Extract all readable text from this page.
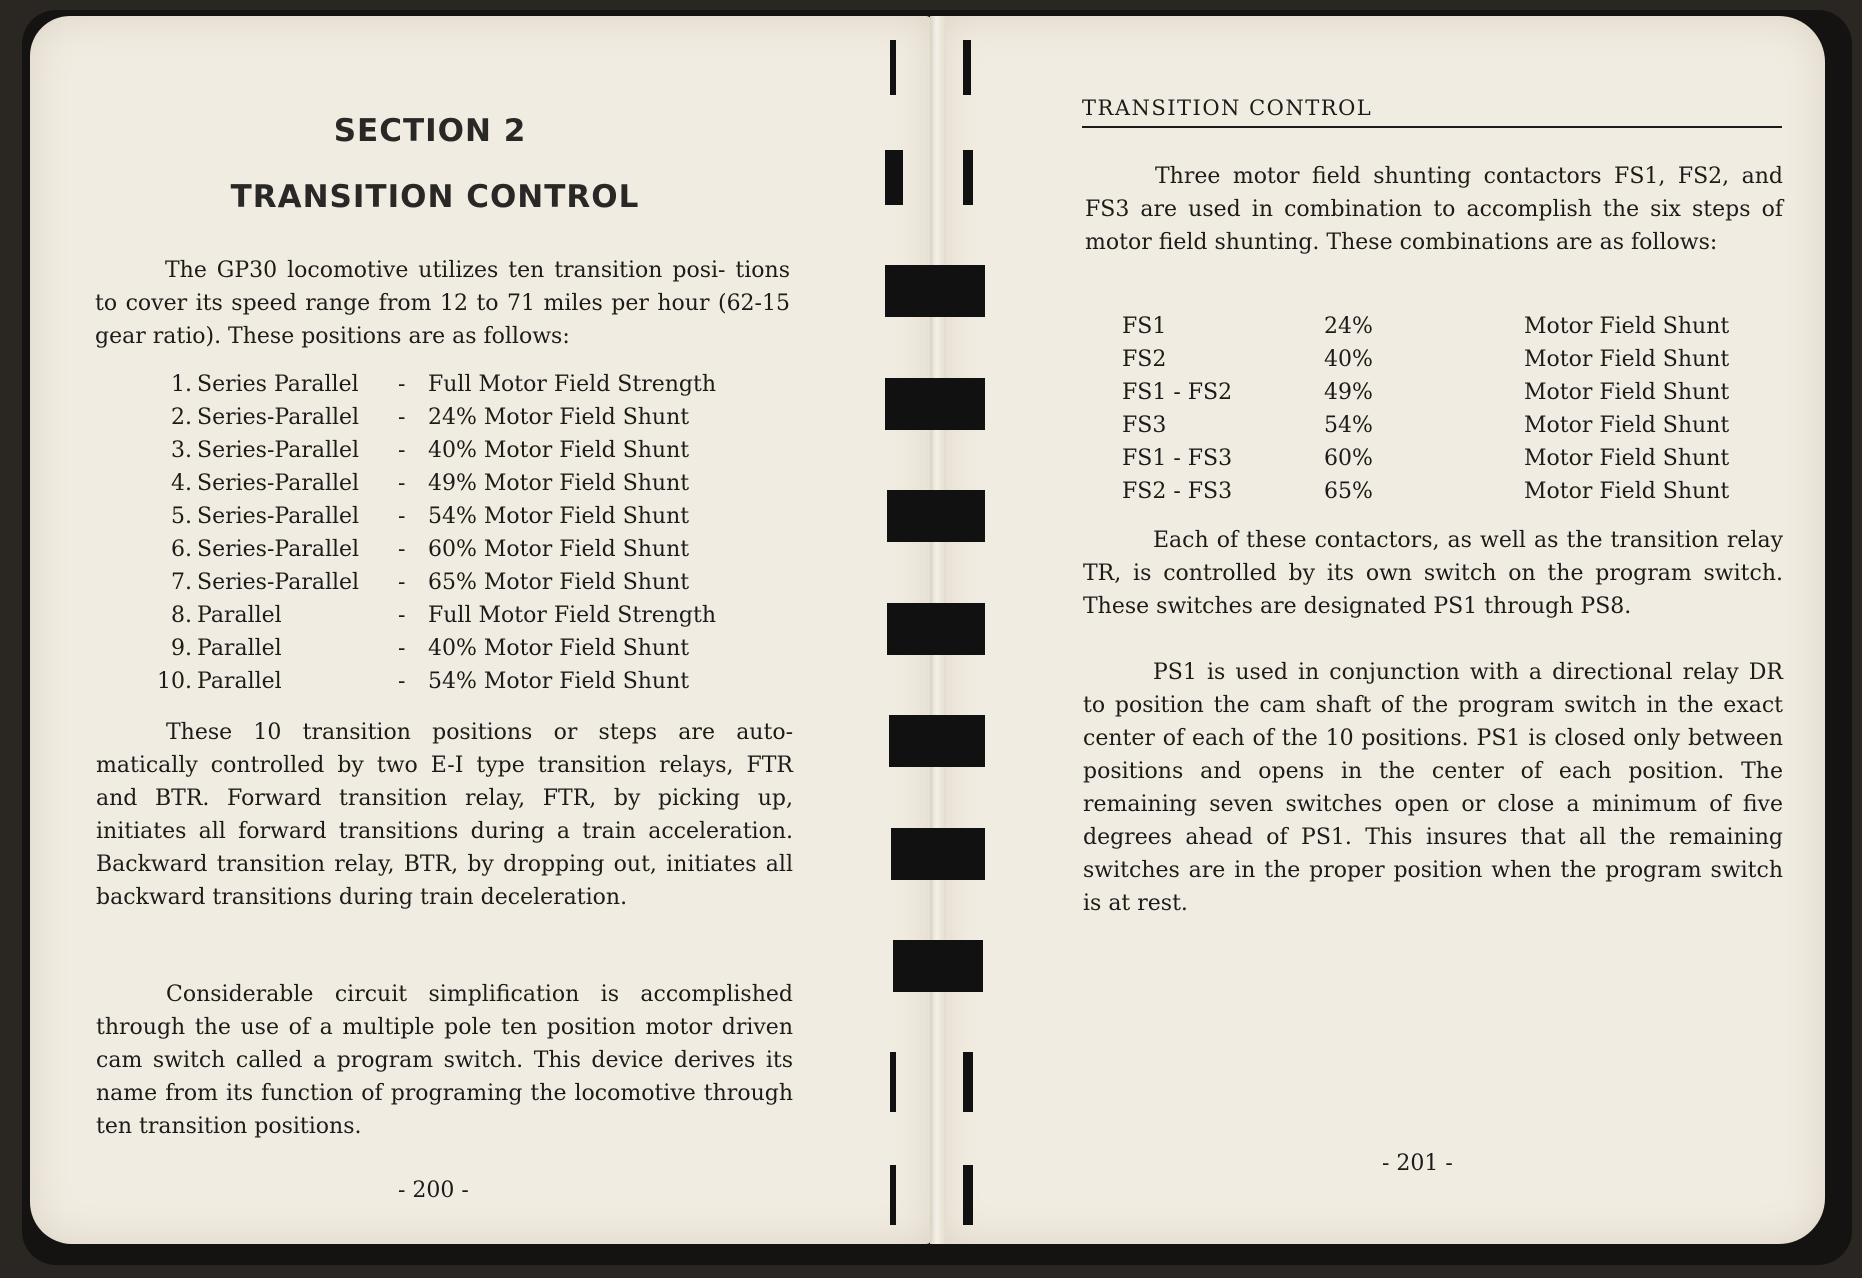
SECTION 2
TRANSITION CONTROL

The GP30 locomotive utilizes ten transition posi- tions to cover its speed range from 12 to 71 miles per hour (62-15 gear ratio). These positions are as follows:

1. Series Parallel - Full Motor Field Strength
2. Series-Parallel - 24% Motor Field Shunt
3. Series-Parallel - 40% Motor Field Shunt
4. Series-Parallel - 49% Motor Field Shunt
5. Series-Parallel - 54% Motor Field Shunt
6. Series-Parallel - 60% Motor Field Shunt
7. Series-Parallel - 65% Motor Field Shunt
8. Parallel	- Full Motor Field Strength
9. Parallel	- 40% Motor Field Shunt
10. Parallel	- 54% Motor Field Shunt

These 10 transition positions or steps are auto- matically controlled by two E-I type transition relays, FTR and BTR. Forward transition relay, FTR, by picking up, initiates all forward transitions during a train acceleration. Backward transition relay, BTR, by dropping out, initiates all backward transitions during train deceleration.

Considerable circuit simplification is accomplished through the use of a multiple pole ten position motor driven cam switch called a program switch. This device derives its name from its function of programing the locomotive through ten transition positions.

- 200 -
TRANSITION CONTROL

Three motor field shunting contactors FS1, FS2, and FS3 are used in combination to accomplish the six steps of motor field shunting. These combinations are as follows:

FS1	24%	Motor Field Shunt
FS2	40%	Motor Field Shunt
FS1 - FS2	49%	Motor Field Shunt
FS3	54%	Motor Field Shunt
FS1 - FS3	60%	Motor Field Shunt
FS2 - FS3	65%	Motor Field Shunt

Each of these contactors, as well as the transition relay TR, is controlled by its own switch on the program switch. These switches are designated PS1 through PS8.

PS1 is used in conjunction with a directional relay DR to position the cam shaft of the program switch in the exact center of each of the 10 positions. PS1 is closed only between positions and opens in the center of each position. The remaining seven switches open or close a minimum of five degrees ahead of PS1. This insures that all the remaining switches are in the proper position when the program switch is at rest.

- 201 -
